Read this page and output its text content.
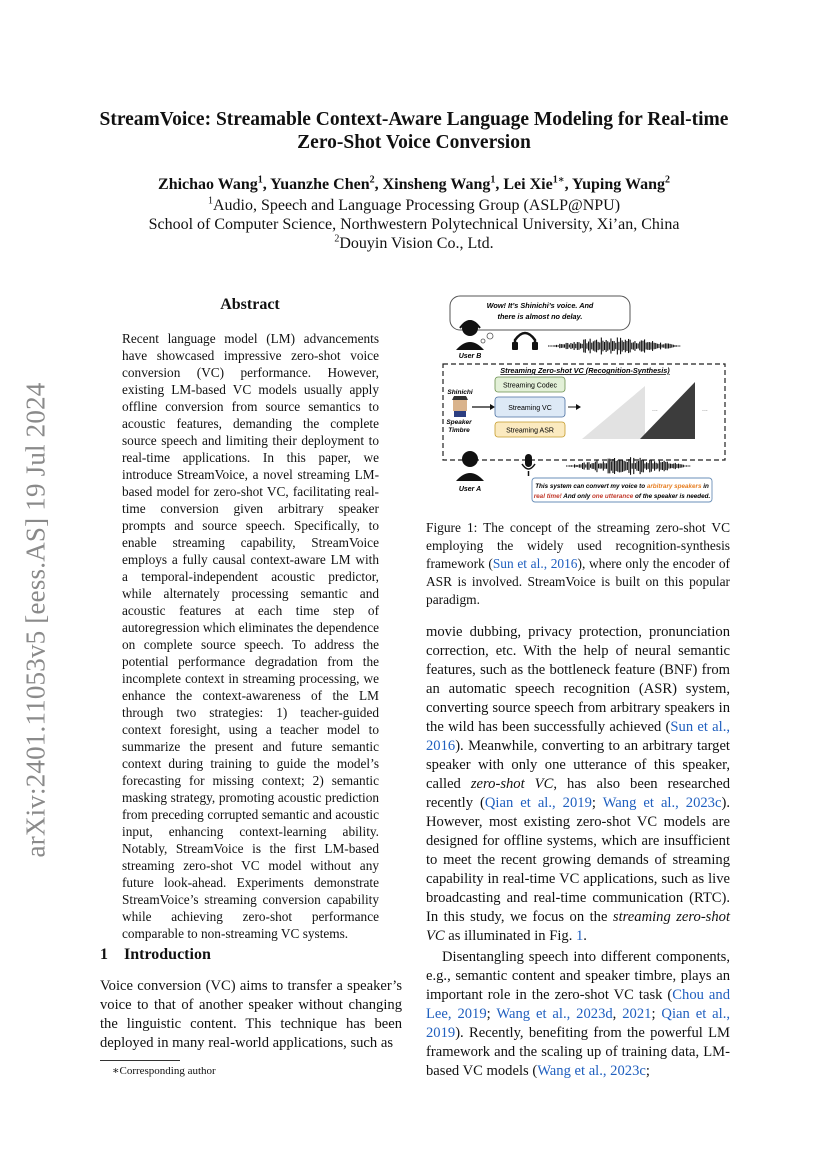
arXiv:2401.11053v5 [eess.AS] 19 Jul 2024
StreamVoice: Streamable Context-Aware Language Modeling for Real-time
Zero-Shot Voice Conversion
Zhichao Wang$^1$, Yuanzhe Chen$^2$, Xinsheng Wang$^1$, Lei Xie$^{1∗}$, Yuping Wang$^2$
$^1$Audio, Speech and Language Processing Group (ASLP@NPU)
School of Computer Science, Northwestern Polytechnical University, Xi’an, China
$^2$Douyin Vision Co., Ltd.
Abstract
Recent language model (LM) advancements have showcased impressive zero-shot voice conversion (VC) performance. However, existing LM-based VC models usually apply offline conversion from source semantics to acoustic features, demanding the complete source speech and limiting their deployment to real-time applications. In this paper, we introduce StreamVoice, a novel streaming LM-based model for zero-shot VC, facilitating real-time conversion given arbitrary speaker prompts and source speech. Specifically, to enable streaming capability, StreamVoice employs a fully causal context-aware LM with a temporal-independent acoustic predictor, while alternately processing semantic and acoustic features at each time step of autoregression which eliminates the dependence on complete source speech. To address the potential performance degradation from the incomplete context in streaming processing, we enhance the context-awareness of the LM through two strategies: 1) teacher-guided context foresight, using a teacher model to summarize the present and future semantic context during training to guide the model’s forecasting for missing context; 2) semantic masking strategy, promoting acoustic prediction from preceding corrupted semantic and acoustic input, enhancing context-learning ability. Notably, StreamVoice is the first LM-based streaming zero-shot VC model without any future look-ahead. Experiments demonstrate StreamVoice’s streaming conversion capability while achieving zero-shot performance comparable to non-streaming VC systems.
1 Introduction

Voice conversion (VC) aims to transfer a speaker’s voice to that of another speaker without changing the linguistic content. This technique has been deployed in many real-world applications, such as

∗Corresponding author
Wow! It’s Shinichi’s voice. And
there is almost no delay.
User B
Streaming Zero-shot VC (Recognition-Synthesis)
Shinichi
Speaker
Timbre
Streaming Codec
Streaming VC
Streaming ASR
...	...
User A	This system can convert my voice to arbitrary speakers in
real time! And only one utterance of the speaker is needed.
Figure 1: The concept of the streaming zero-shot VC employing the widely used recognition-synthesis framework (Sun et al., 2016), where only the encoder of ASR is involved. StreamVoice is built on this popular paradigm.

movie dubbing, privacy protection, pronunciation correction, etc. With the help of neural semantic features, such as the bottleneck feature (BNF) from an automatic speech recognition (ASR) system, converting source speech from arbitrary speakers in the wild has been successfully achieved (Sun et al., 2016). Meanwhile, converting to an arbitrary target speaker with only one utterance of this speaker, called zero-shot VC, has also been researched recently (Qian et al., 2019; Wang et al., 2023c). However, most existing zero-shot VC models are designed for offline systems, which are insufficient to meet the recent growing demands of streaming capability in real-time VC applications, such as live broadcasting and real-time communication (RTC). In this study, we focus on the streaming zero-shot VC as illuminated in Fig. 1.

Disentangling speech into different components, e.g., semantic content and speaker timbre, plays an important role in the zero-shot VC task (Chou and Lee, 2019; Wang et al., 2023d, 2021; Qian et al., 2019). Recently, benefiting from the powerful LM framework and the scaling up of training data, LM-based VC models (Wang et al., 2023c;
